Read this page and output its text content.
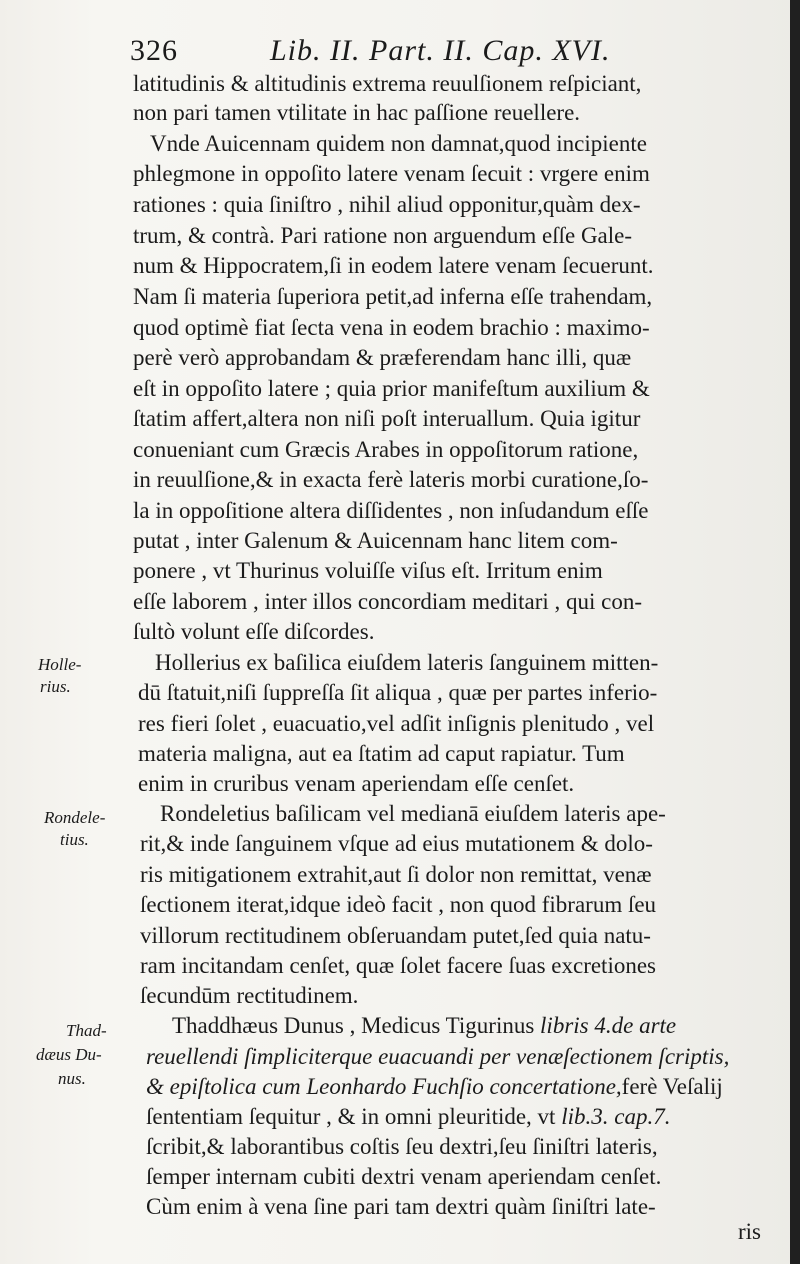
326	Lib. II. Part. II. Cap. XVI.
latitudinis & altitudinis extrema reuulſionem reſpiciant,
non pari tamen vtilitate in hac paſſione reuellere.
Vnde Auicennam quidem non damnat,quod incipiente
phlegmone in oppoſito latere venam ſecuit : vrgere enim
rationes : quia ſiniſtro , nihil aliud opponitur,quàm dex-
trum, & contrà. Pari ratione non arguendum eſſe Gale-
num & Hippocratem,ſi in eodem latere venam ſecuerunt.
Nam ſi materia ſuperiora petit,ad inferna eſſe trahendam,
quod optimè fiat ſecta vena in eodem brachio : maximo-
perè verò approbandam & præferendam hanc illi, quæ
eſt in oppoſito latere ; quia prior manifeſtum auxilium &
ſtatim affert,altera non niſi poſt interuallum. Quia igitur
conueniant cum Græcis Arabes in oppoſitorum ratione,
in reuulſione,& in exacta ferè lateris morbi curatione,ſo-
la in oppoſitione altera diſſidentes , non inſudandum eſſe
putat , inter Galenum & Auicennam hanc litem com-
ponere , vt Thurinus voluiſſe viſus eſt. Irritum enim
eſſe laborem , inter illos concordiam meditari , qui con-
ſultò volunt eſſe diſcordes.
Hollerius ex baſilica eiuſdem lateris ſanguinem mitten-
dū ſtatuit,niſi ſuppreſſa ſit aliqua , quæ per partes inferio-
res fieri ſolet , euacuatio,vel adſit inſignis plenitudo , vel
materia maligna, aut ea ſtatim ad caput rapiatur. Tum
enim in cruribus venam aperiendam eſſe cenſet.
Rondeletius baſilicam vel medianā eiuſdem lateris ape-
rit,& inde ſanguinem vſque ad eius mutationem & dolo-
ris mitigationem extrahit,aut ſi dolor non remittat, venæ
ſectionem iterat,idque ideò facit , non quod fibrarum ſeu
villorum rectitudinem obſeruandam putet,ſed quia natu-
ram incitandam cenſet, quæ ſolet facere ſuas excretiones
ſecundūm rectitudinem.
Thaddhæus Dunus , Medicus Tigurinus libris 4.de arte
reuellendi ſimpliciterque euacuandi per venæſectionem ſcriptis,
& epiſtolica cum Leonhardo Fuchſio concertatione,ferè Veſalij
ſententiam ſequitur , & in omni pleuritide, vt lib.3. cap.7.
ſcribit,& laborantibus coſtis ſeu dextri,ſeu ſiniſtri lateris,
ſemper internam cubiti dextri venam aperiendam cenſet.
Cùm enim à vena ſine pari tam dextri quàm ſiniſtri late-
ris
Holle-
rius.
Rondele-
tius.
Thad-
dæus Du-
nus.
